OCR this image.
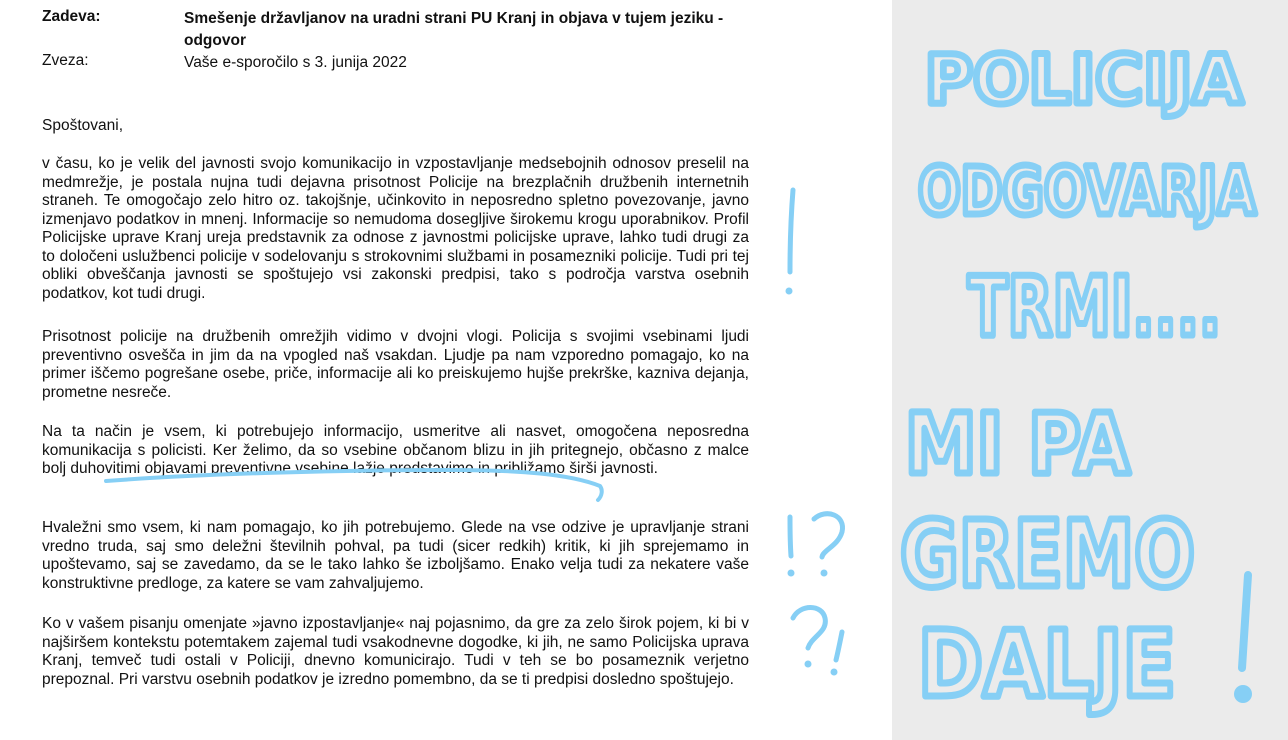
Zadeva:	Smešenje državljanov na uradni strani PU Kranj in objava v tujem jeziku - odgovor
Zveza:	Vaše e-sporočilo s 3. junija 2022
Spoštovani,
v času, ko je velik del javnosti svojo komunikacijo in vzpostavljanje medsebojnih odnosov preselil na medmrežje, je postala nujna tudi dejavna prisotnost Policije na brezplačnih družbenih internetnih straneh. Te omogočajo zelo hitro oz. takojšnje, učinkovito in neposredno spletno povezovanje, javno izmenjavo podatkov in mnenj. Informacije so nemudoma dosegljive širokemu krogu uporabnikov. Profil Policijske uprave Kranj ureja predstavnik za odnose z javnostmi policijske uprave, lahko tudi drugi za to določeni uslužbenci policije v sodelovanju s strokovnimi službami in posamezniki policije. Tudi pri tej obliki obveščanja javnosti se spoštujejo vsi zakonski predpisi, tako s področja varstva osebnih podatkov, kot tudi drugi.
Prisotnost policije na družbenih omrežjih vidimo v dvojni vlogi. Policija s svojimi vsebinami ljudi preventivno osvešča in jim da na vpogled naš vsakdan. Ljudje pa nam vzporedno pomagajo, ko na primer iščemo pogrešane osebe, priče, informacije ali ko preiskujemo hujše prekrške, kazniva dejanja, prometne nesreče.
Na ta način je vsem, ki potrebujejo informacijo, usmeritve ali nasvet, omogočena neposredna komunikacija s policisti. Ker želimo, da so vsebine občanom blizu in jih pritegnejo, občasno z malce bolj duhovitimi objavami preventivne vsebine lažje predstavimo in približamo širši javnosti.
Hvaležni smo vsem, ki nam pomagajo, ko jih potrebujemo. Glede na vse odzive je upravljanje strani vredno truda, saj smo deležni številnih pohval, pa tudi (sicer redkih) kritik, ki jih sprejemamo in upoštevamo, saj se zavedamo, da se le tako lahko še izboljšamo. Enako velja tudi za nekatere vaše konstruktivne predloge, za katere se vam zahvaljujemo.
Ko v vašem pisanju omenjate »javno izpostavljanje« naj pojasnimo, da gre za zelo širok pojem, ki bi v najširšem kontekstu potemtakem zajemal tudi vsakodnevne dogodke, ki jih, ne samo Policijska uprava Kranj, temveč tudi ostali v Policiji, dnevno komunicirajo. Tudi v teh se bo posameznik verjetno prepoznal. Pri varstvu osebnih podatkov je izredno pomembno, da se ti predpisi dosledno spoštujejo.
POLICIJA
ODGOVARJA
TRMI....
MI PA
GREMO
DALJE
